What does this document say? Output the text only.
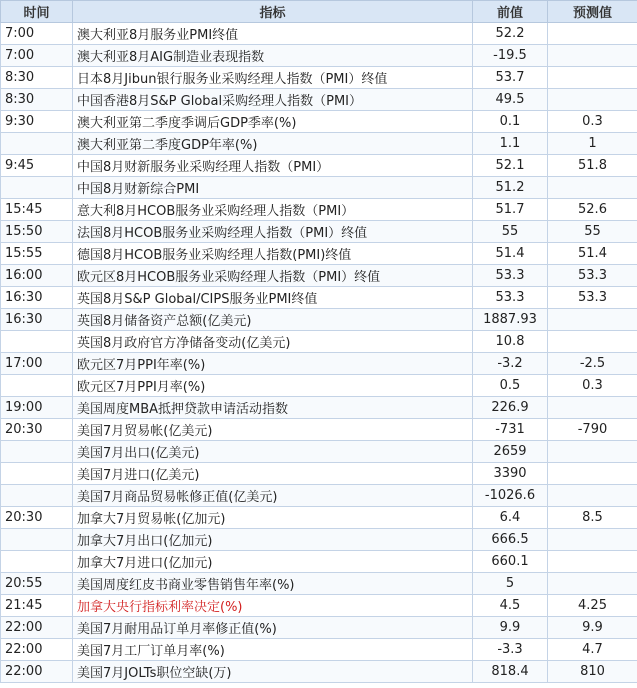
时间	指标	前值	预测值
7:00	澳大利亚8月服务业PMI终值	52.2	
7:00	澳大利亚8月AIG制造业表现指数	-19.5	
8:30	日本8月Jibun银行服务业采购经理人指数（PMI）终值	53.7	
8:30	中国香港8月S&P Global采购经理人指数（PMI）	49.5	
9:30	澳大利亚第二季度季调后GDP季率(%)	0.1	0.3
	澳大利亚第二季度GDP年率(%)	1.1	1
9:45	中国8月财新服务业采购经理人指数（PMI）	52.1	51.8
	中国8月财新综合PMI	51.2	
15:45	意大利8月HCOB服务业采购经理人指数（PMI）	51.7	52.6
15:50	法国8月HCOB服务业采购经理人指数（PMI）终值	55	55
15:55	德国8月HCOB服务业采购经理人指数(PMI)终值	51.4	51.4
16:00	欧元区8月HCOB服务业采购经理人指数（PMI）终值	53.3	53.3
16:30	英国8月S&P Global/CIPS服务业PMI终值	53.3	53.3
16:30	英国8月储备资产总额(亿美元)	1887.93	
	英国8月政府官方净储备变动(亿美元)	10.8	
17:00	欧元区7月PPI年率(%)	-3.2	-2.5
	欧元区7月PPI月率(%)	0.5	0.3
19:00	美国周度MBA抵押贷款申请活动指数	226.9	
20:30	美国7月贸易帐(亿美元)	-731	-790
	美国7月出口(亿美元)	2659	
	美国7月进口(亿美元)	3390	
	美国7月商品贸易帐修正值(亿美元)	-1026.6	
20:30	加拿大7月贸易帐(亿加元)	6.4	8.5
	加拿大7月出口(亿加元)	666.5	
	加拿大7月进口(亿加元)	660.1	
20:55	美国周度红皮书商业零售销售年率(%)	5	
21:45	加拿大央行指标利率决定(%)	4.5	4.25
22:00	美国7月耐用品订单月率修正值(%)	9.9	9.9
22:00	美国7月工厂订单月率(%)	-3.3	4.7
22:00	美国7月JOLTs职位空缺(万)	818.4	810
